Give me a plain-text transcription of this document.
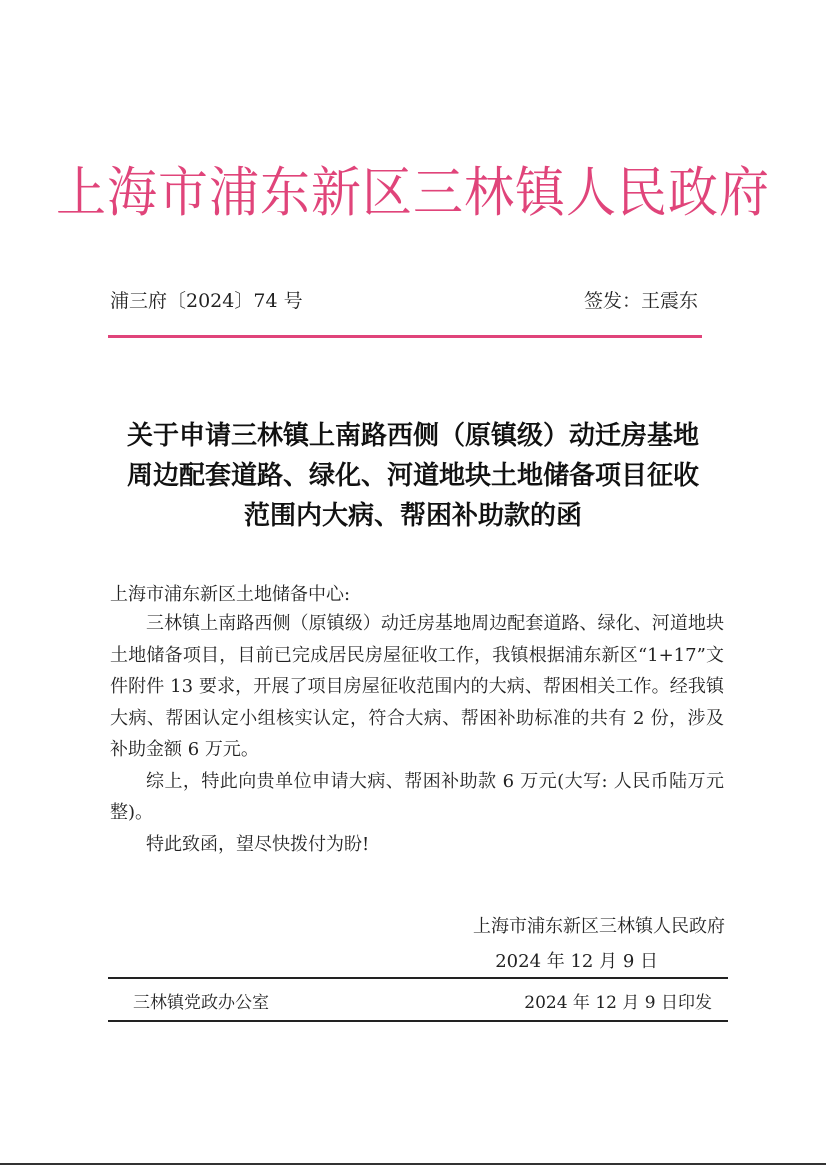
上海市浦东新区三林镇人民政府
浦三府〔2024〕74 号	签发：王震东
关于申请三林镇上南路西侧（原镇级）动迁房基地
周边配套道路、绿化、河道地块土地储备项目征收
范围内大病、帮困补助款的函
上海市浦东新区土地储备中心:

三林镇上南路西侧（原镇级）动迁房基地周边配套道路、绿化、河道地块土地储备项目，目前已完成居民房屋征收工作，我镇根据浦东新区“1+17”文件附件 13 要求，开展了项目房屋征收范围内的大病、帮困相关工作。经我镇大病、帮困认定小组核实认定，符合大病、帮困补助标准的共有 2 份，涉及补助金额 6 万元。

综上，特此向贵单位申请大病、帮困补助款 6 万元(大写: 人民币陆万元整)。

特此致函，望尽快拨付为盼!

上海市浦东新区三林镇人民政府
2024 年 12 月 9 日
三林镇党政办公室	2024 年 12 月 9 日印发
